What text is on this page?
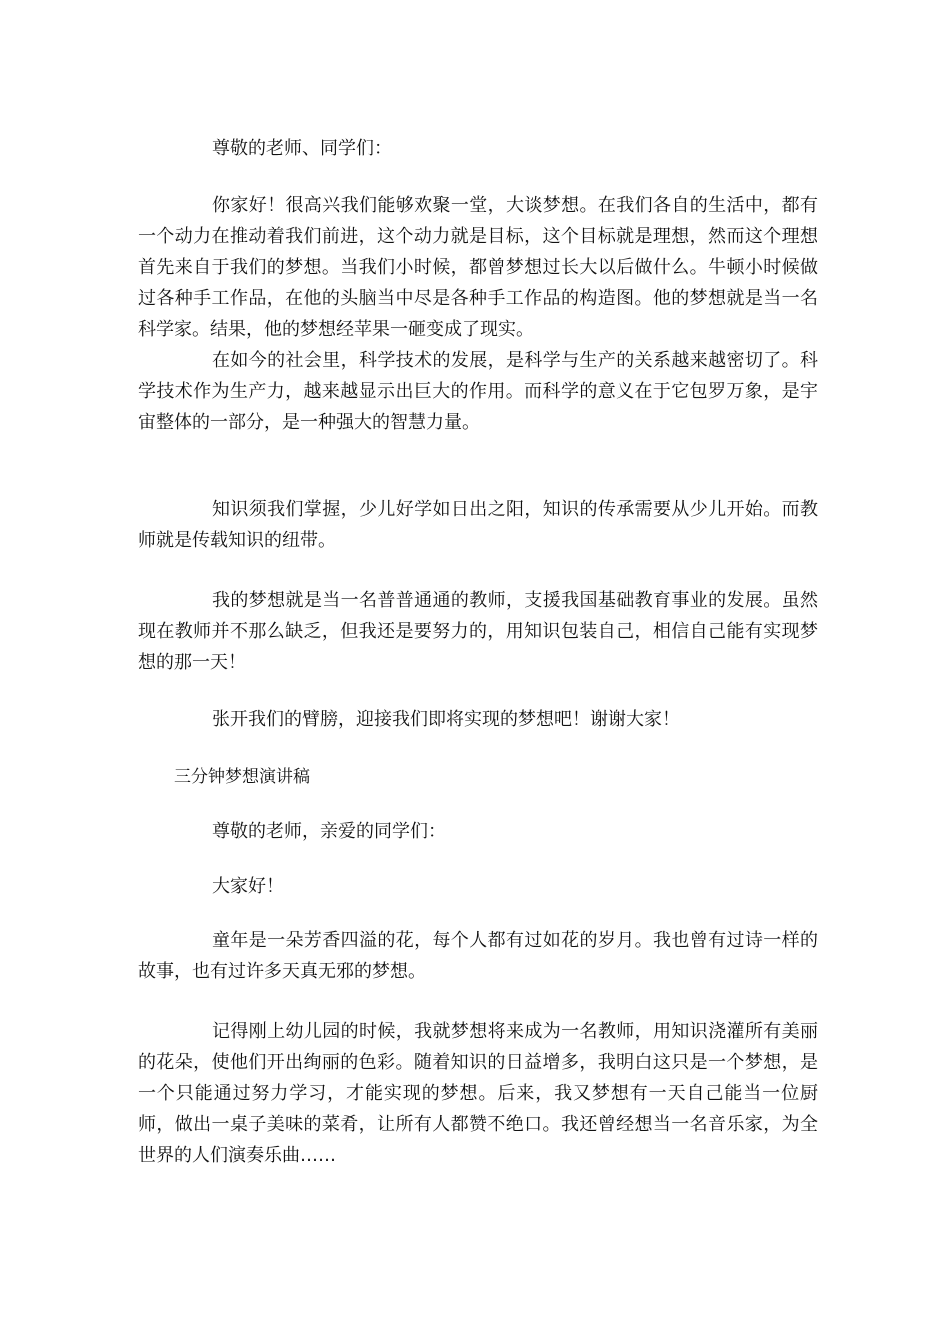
尊敬的老师、同学们：

你家好！很高兴我们能够欢聚一堂，大谈梦想。在我们各自的生活中，都有一个动力在推动着我们前进，这个动力就是目标，这个目标就是理想，然而这个理想首先来自于我们的梦想。当我们小时候，都曾梦想过长大以后做什么。牛顿小时候做过各种手工作品，在他的头脑当中尽是各种手工作品的构造图。他的梦想就是当一名科学家。结果，他的梦想经苹果一砸变成了现实。

在如今的社会里，科学技术的发展，是科学与生产的关系越来越密切了。科学技术作为生产力，越来越显示出巨大的作用。而科学的意义在于它包罗万象，是宇宙整体的一部分，是一种强大的智慧力量。

知识须我们掌握，少儿好学如日出之阳，知识的传承需要从少儿开始。而教师就是传载知识的纽带。

我的梦想就是当一名普普通通的教师，支援我国基础教育事业的发展。虽然现在教师并不那么缺乏，但我还是要努力的，用知识包装自己，相信自己能有实现梦想的那一天！

张开我们的臂膀，迎接我们即将实现的梦想吧！谢谢大家！

三分钟梦想演讲稿

尊敬的老师，亲爱的同学们：

大家好！

童年是一朵芳香四溢的花，每个人都有过如花的岁月。我也曾有过诗一样的故事，也有过许多天真无邪的梦想。

记得刚上幼儿园的时候，我就梦想将来成为一名教师，用知识浇灌所有美丽的花朵，使他们开出绚丽的色彩。随着知识的日益增多，我明白这只是一个梦想，是一个只能通过努力学习，才能实现的梦想。后来，我又梦想有一天自己能当一位厨师，做出一桌子美味的菜肴，让所有人都赞不绝口。我还曾经想当一名音乐家，为全世界的人们演奏乐曲……
